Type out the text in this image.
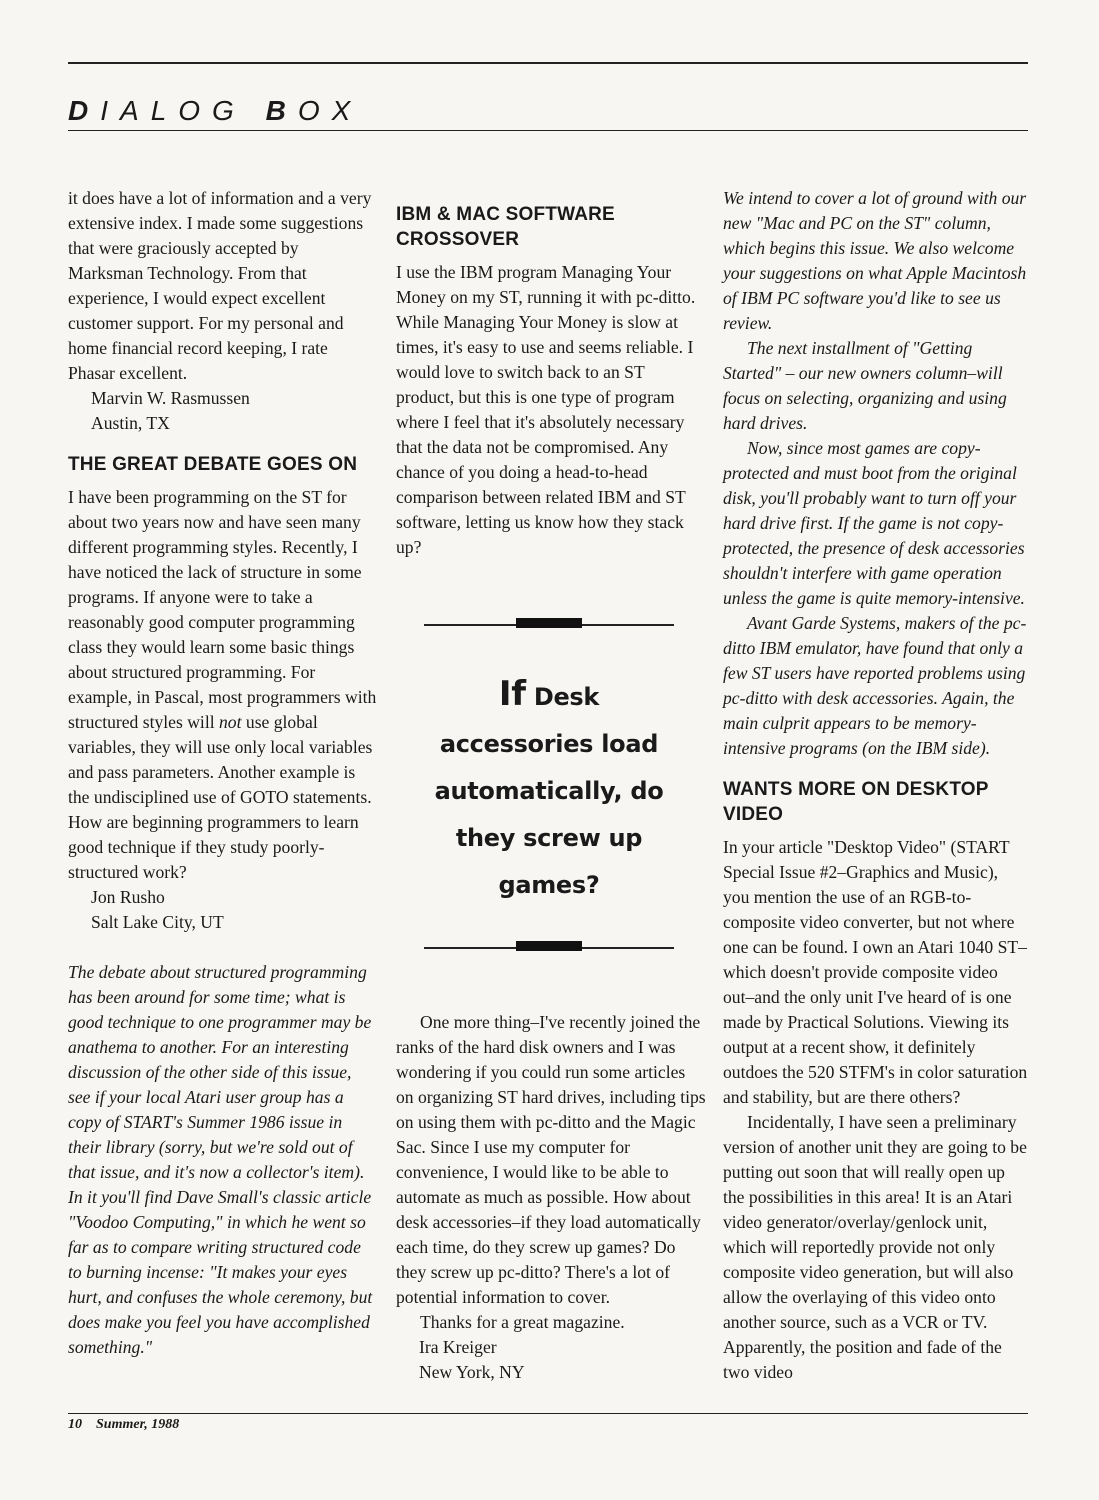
DIALOG BOX

it does have a lot of information and a very extensive index. I made some suggestions that were graciously accepted by Marksman Technology. From that experience, I would expect excellent customer support. For my personal and home financial record keeping, I rate Phasar excellent.

Marvin W. Rasmussen
Austin, TX
THE GREAT DEBATE GOES ON

I have been programming on the ST for about two years now and have seen many different programming styles. Recently, I have noticed the lack of structure in some programs. If anyone were to take a reasonably good computer programming class they would learn some basic things about structured programming. For example, in Pascal, most programmers with structured styles will not use global variables, they will use only local variables and pass parameters. Another example is the undisciplined use of GOTO statements. How are beginning programmers to learn good technique if they study poorly-structured work?

Jon Rusho
Salt Lake City, UT

The debate about structured programming has been around for some time; what is good technique to one programmer may be anathema to another. For an interesting discussion of the other side of this issue, see if your local Atari user group has a copy of START's Summer 1986 issue in their library (sorry, but we're sold out of that issue, and it's now a collector's item). In it you'll find Dave Small's classic article "Voodoo Computing," in which he went so far as to compare writing structured code to burning incense: "It makes your eyes hurt, and confuses the whole ceremony, but does make you feel you have accomplished something."

IBM & MAC SOFTWARE CROSSOVER

I use the IBM program Managing Your Money on my ST, running it with pc-ditto. While Managing Your Money is slow at times, it's easy to use and seems reliable. I would love to switch back to an ST product, but this is one type of program where I feel that it's absolutely necessary that the data not be compromised. Any chance of you doing a head-to-head comparison between related IBM and ST software, letting us know how they stack up?

If Desk
accessories load
automatically, do
they screw up
games?

One more thing–I've recently joined the ranks of the hard disk owners and I was wondering if you could run some articles on organizing ST hard drives, including tips on using them with pc-ditto and the Magic Sac. Since I use my computer for convenience, I would like to be able to automate as much as possible. How about desk accessories–if they load automatically each time, do they screw up games? Do they screw up pc-ditto? There's a lot of potential information to cover.

Thanks for a great magazine.

Ira Kreiger
New York, NY

We intend to cover a lot of ground with our new "Mac and PC on the ST" column, which begins this issue. We also welcome your suggestions on what Apple Macintosh of IBM PC software you'd like to see us review.

The next installment of "Getting Started" – our new owners column–will focus on selecting, organizing and using hard drives.

Now, since most games are copy-protected and must boot from the original disk, you'll probably want to turn off your hard drive first. If the game is not copy-protected, the presence of desk accessories shouldn't interfere with game operation unless the game is quite memory-intensive.

Avant Garde Systems, makers of the pc-ditto IBM emulator, have found that only a few ST users have reported problems using pc-ditto with desk accessories. Again, the main culprit appears to be memory-intensive programs (on the IBM side).

WANTS MORE ON DESKTOP VIDEO

In your article "Desktop Video" (START Special Issue #2–Graphics and Music), you mention the use of an RGB-to-composite video converter, but not where one can be found. I own an Atari 1040 ST–which doesn't provide composite video out–and the only unit I've heard of is one made by Practical Solutions. Viewing its output at a recent show, it definitely outdoes the 520 STFM's in color saturation and stability, but are there others?

Incidentally, I have seen a preliminary version of another unit they are going to be putting out soon that will really open up the possibilities in this area! It is an Atari video generator/overlay/genlock unit, which will reportedly provide not only composite video generation, but will also allow the overlaying of this video onto another source, such as a VCR or TV. Apparently, the position and fade of the two video

10 Summer, 1988
